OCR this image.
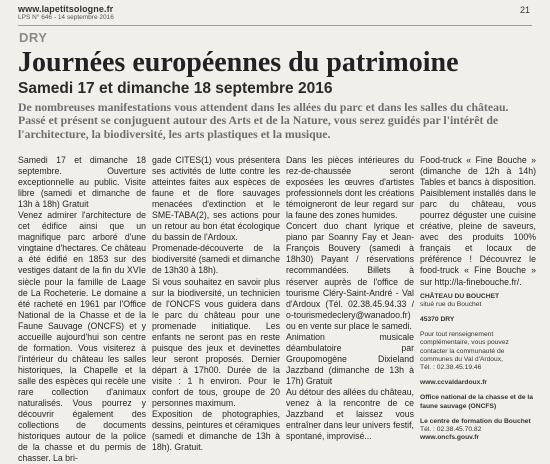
www.lapetitsologne.fr
LPS N° 646 - 14 septembre 2016
21
DRY
Journées européennes du patrimoine
Samedi 17 et dimanche 18 septembre 2016
De nombreuses manifestations vous attendent dans les allées du parc et dans les salles du château. Passé et présent se conjuguent autour des Arts et de la Nature, vous serez guidés par l'intérêt de l'architecture, la biodiversité, les arts plastiques et la musique.

Samedi 17 et dimanche 18 septembre. Ouverture exceptionnelle au public. Visite libre (samedi et dimanche de 13h à 18h) Gratuit

Venez admirer l'architecture de cet édifice ainsi que un magnifique parc arboré d'une vingtaine d'hectares. Ce château a été édifié en 1853 sur des vestiges datant de la fin du XVIe siècle pour la famille de Laage de La Rocheterie. Le domaine a été racheté en 1961 par l'Office National de la Chasse et de la Faune Sauvage (ONCFS) et y accueille aujourd'hui son centre de formation. Vous visiterez à l'intérieur du château les salles historiques, la Chapelle et la salle des espèces qui recèle une rare collection d'animaux naturalisés. Vous pourrez y découvrir également des collections de documents historiques autour de la police de la chasse et du permis de chasser. La bri-

gade CITES(1) vous présentera ses activités de lutte contre les atteintes faites aux espèces de faune et de flore sauvages menacées d'extinction et le SME-TABA(2), ses actions pour un retour au bon état écologique du bassin de l'Ardoux.

Promenade-découverte de la biodiversité (samedi et dimanche de 13h30 à 18h).

Si vous souhaitez en savoir plus sur la biodiversité, un technicien de l'ONCFS vous guidera dans le parc du château pour une promenade initiatique. Les enfants ne seront pas en reste puisque des jeux et devinettes leur seront proposés. Dernier départ à 17h00. Durée de la visite : 1 h environ. Pour le confort de tous, groupe de 20 personnes maximum.

Exposition de photographies, dessins, peintures et céramiques (samedi et dimanche de 13h à 18h). Gratuit.

Dans les pièces intérieures du rez-de-chaussée seront exposées les œuvres d'artistes professionnels dont les créations témoigneront de leur regard sur la faune des zones humides.

Concert duo chant lyrique et piano par Soanny Fay et Jean-François Bouvery (samedi à 18h30) Payant / réservations recommandées. Billets à réserver auprès de l'office de tourisme Cléry-Saint-André - Val d'Ardoux (Tél. 02.38.45.94.33 / o-tourismedeclery@wanadoo.fr) ou en vente sur place le samedi.

Animation musicale déambulatoire par Groupomogène Dixieland Jazzband (dimanche de 13h à 17h) Gratuit

Au détour des allées du château, venez à la rencontre de ce Jazzband et laissez vous entraîner dans leur univers festif, spontané, improvisé...

Food-truck « Fine Bouche » (dimanche de 12h à 14h) Tables et bancs à disposition. Paisiblement installés dans le parc du château, vous pourrez déguster une cuisine créative, pleine de saveurs, avec des produits 100% français et locaux de préférence ! Découvrez le food-truck « Fine Bouche » sur http://la-finebouche.fr/.

CHÂTEAU DU BOUCHET

situé rue du Bouchet

45370 DRY

Pour tout renseignement complémentaire, vous pouvez contacter la communauté de communes du Val d'Ardoux,

Tél. : 02.38.45.19.46

www.ccvaldardoux.fr

Office national de la chasse et de la faune sauvage (ONCFS)

Le centre de formation du Bouchet

Tél. : 02.38.45.70.82

www.oncfs.gouv.fr
